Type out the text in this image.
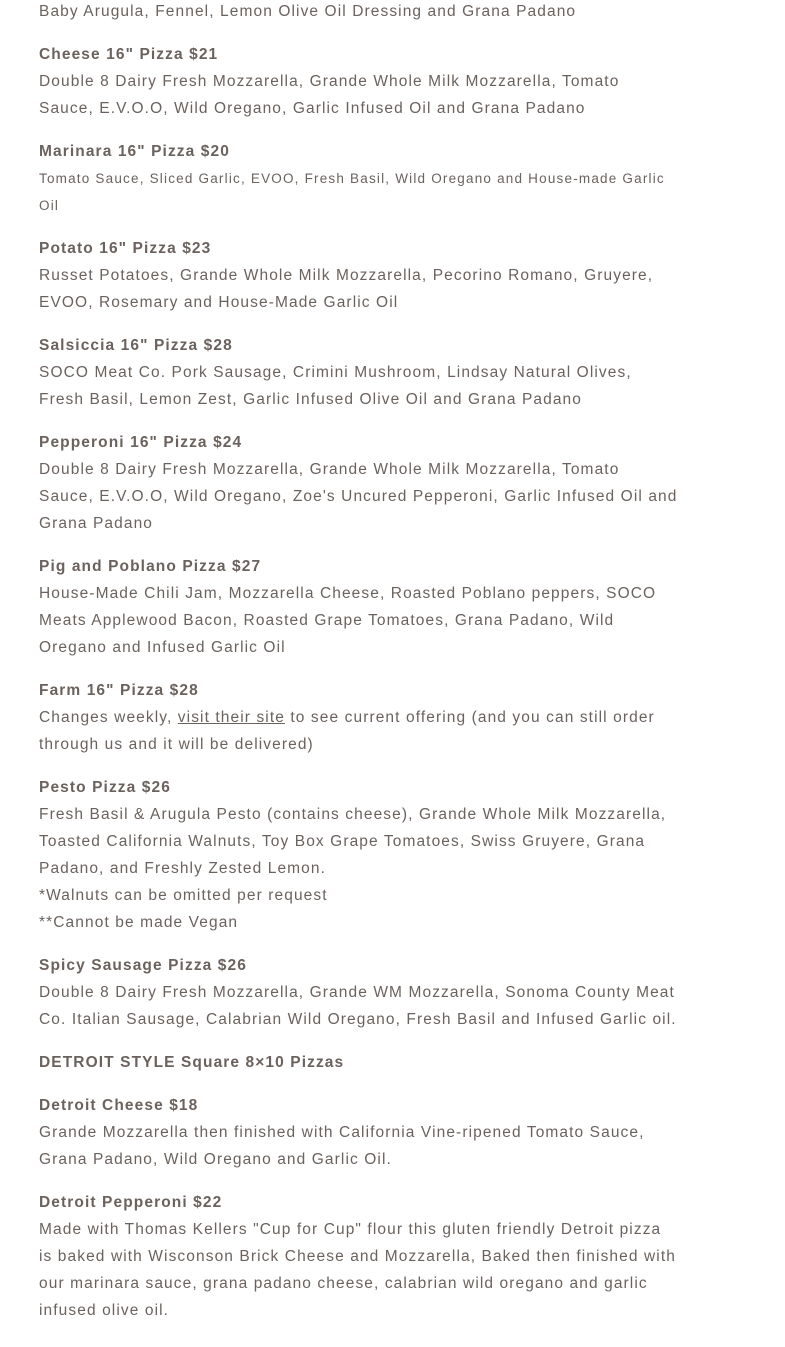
Baby Arugula, Fennel, Lemon Olive Oil Dressing and Grana Padano
Cheese 16" Pizza $21
Double 8 Dairy Fresh Mozzarella, Grande Whole Milk Mozzarella, Tomato Sauce, E.V.O.O, Wild Oregano, Garlic Infused Oil and Grana Padano
Marinara 16" Pizza $20
Tomato Sauce, Sliced Garlic, EVOO, Fresh Basil, Wild Oregano and House-made Garlic Oil
Potato 16" Pizza $23
Russet Potatoes, Grande Whole Milk Mozzarella, Pecorino Romano, Gruyere, EVOO, Rosemary and House-Made Garlic Oil
Salsiccia 16" Pizza $28
SOCO Meat Co. Pork Sausage, Crimini Mushroom, Lindsay Natural Olives, Fresh Basil, Lemon Zest, Garlic Infused Olive Oil and Grana Padano
Pepperoni 16" Pizza $24
Double 8 Dairy Fresh Mozzarella, Grande Whole Milk Mozzarella, Tomato Sauce, E.V.O.O, Wild Oregano, Zoe's Uncured Pepperoni, Garlic Infused Oil and Grana Padano
Pig and Poblano Pizza $27
House-Made Chili Jam, Mozzarella Cheese, Roasted Poblano peppers, SOCO Meats Applewood Bacon, Roasted Grape Tomatoes, Grana Padano, Wild Oregano and Infused Garlic Oil
Farm 16" Pizza $28
Changes weekly, visit their site to see current offering (and you can still order through us and it will be delivered)
Pesto Pizza $26
Fresh Basil & Arugula Pesto (contains cheese), Grande Whole Milk Mozzarella, Toasted California Walnuts, Toy Box Grape Tomatoes, Swiss Gruyere, Grana Padano, and Freshly Zested Lemon.
*Walnuts can be omitted per request
**Cannot be made Vegan
Spicy Sausage Pizza $26
Double 8 Dairy Fresh Mozzarella, Grande WM Mozzarella, Sonoma County Meat Co. Italian Sausage, Calabrian Wild Oregano, Fresh Basil and Infused Garlic oil.
DETROIT STYLE Square 8×10 Pizzas
Detroit Cheese $18
Grande Mozzarella then finished with California Vine-ripened Tomato Sauce, Grana Padano, Wild Oregano and Garlic Oil.
Detroit Pepperoni $22
Made with Thomas Kellers "Cup for Cup" flour this gluten friendly Detroit pizza is baked with Wisconson Brick Cheese and Mozzarella, Baked then finished with our marinara sauce, grana padano cheese, calabrian wild oregano and garlic infused olive oil.
